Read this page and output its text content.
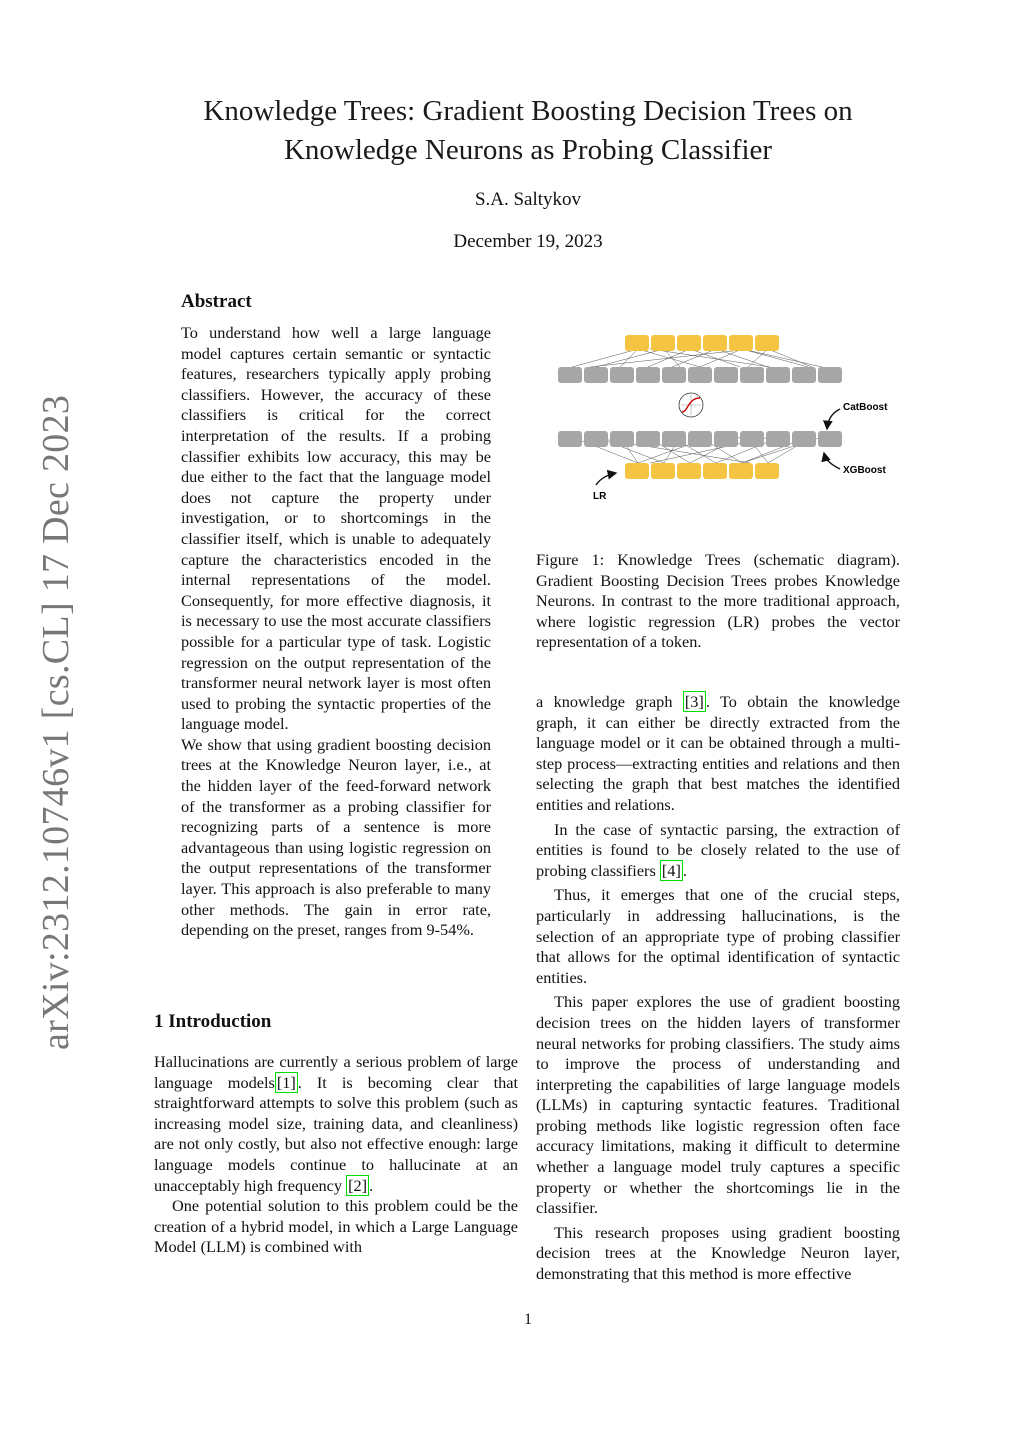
Knowledge Trees: Gradient Boosting Decision Trees on
Knowledge Neurons as Probing Classifier
S.A. Saltykov
December 19, 2023
arXiv:2312.10746v1 [cs.CL] 17 Dec 2023
Abstract

To understand how well a large language model captures certain semantic or syntactic features, researchers typically apply probing classifiers. However, the accuracy of these classifiers is critical for the correct interpretation of the results. If a probing classifier exhibits low accuracy, this may be due either to the fact that the language model does not capture the property under investigation, or to shortcomings in the classifier itself, which is unable to adequately capture the characteristics encoded in the internal representations of the model. Consequently, for more effective diagnosis, it is necessary to use the most accurate classifiers possible for a particular type of task. Logistic regression on the output representation of the transformer neural network layer is most often used to probing the syntactic properties of the language model.

We show that using gradient boosting decision trees at the Knowledge Neuron layer, i.e., at the hidden layer of the feed-forward network of the transformer as a probing classifier for recognizing parts of a sentence is more advantageous than using logistic regression on the output representations of the transformer layer. This approach is also preferable to many other methods. The gain in error rate, depending on the preset, ranges from 9-54%.

1 Introduction

Hallucinations are currently a serious problem of large language models [1] . It is becoming clear that straightforward attempts to solve this problem (such as increasing model size, training data, and cleanliness) are not only costly, but also not effective enough: large language models continue to hallucinate at an unacceptably high frequency [2] .

One potential solution to this problem could be the creation of a hybrid model, in which a Large Language Model (LLM) is combined with

CatBoost
XGBoost
LR
Figure 1: Knowledge Trees (schematic diagram). Gradient Boosting Decision Trees probes Knowledge Neurons. In contrast to the more traditional approach, where logistic regression (LR) probes the vector representation of a token.

a knowledge graph [3] . To obtain the knowledge graph, it can either be directly extracted from the language model or it can be obtained through a multi-step process—extracting entities and relations and then selecting the graph that best matches the identified entities and relations.

In the case of syntactic parsing, the extraction of entities is found to be closely related to the use of probing classifiers [4] .

Thus, it emerges that one of the crucial steps, particularly in addressing hallucinations, is the selection of an appropriate type of probing classifier that allows for the optimal identification of syntactic entities.

This paper explores the use of gradient boosting decision trees on the hidden layers of transformer neural networks for probing classifiers. The study aims to improve the process of understanding and interpreting the capabilities of large language models (LLMs) in capturing syntactic features. Traditional probing methods like logistic regression often face accuracy limitations, making it difficult to determine whether a language model truly captures a specific property or whether the shortcomings lie in the classifier.

This research proposes using gradient boosting decision trees at the Knowledge Neuron layer, demonstrating that this method is more effective

1
